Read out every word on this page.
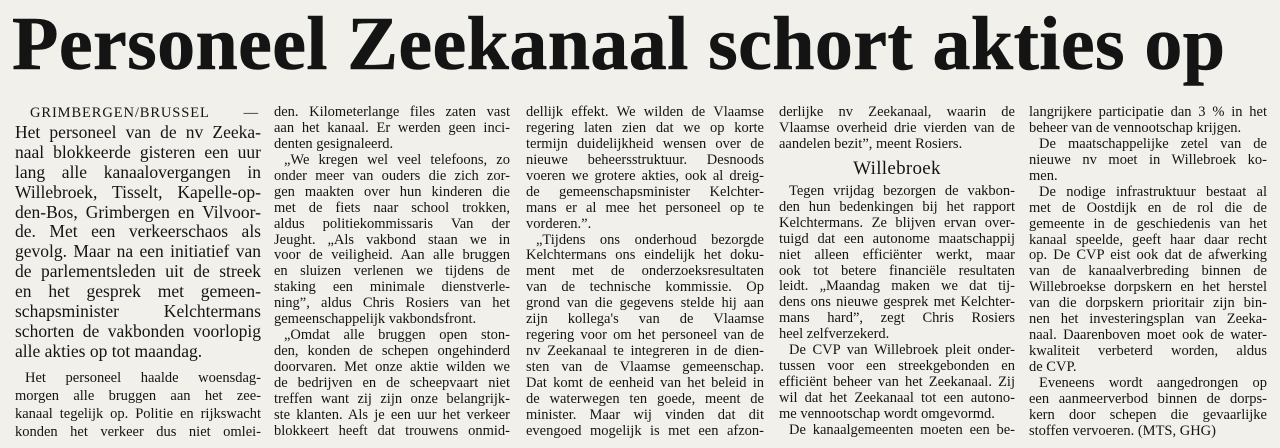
Personeel Zeekanaal schort akties op
GRIMBERGEN/BRUSSEL —
Het personeel van de nv Zeeka-
naal blokkeerde gisteren een uur
lang alle kanaalovergangen in
Willebroek, Tisselt, Kapelle-op-
den-Bos, Grimbergen en Vilvoor-
de. Met een verkeerschaos als
gevolg. Maar na een initiatief van
de parlementsleden uit de streek
en het gesprek met gemeen-
schapsminister Kelchtermans
schorten de vakbonden voorlopig
alle akties op tot maandag.
Het personeel haalde woensdag-
morgen alle bruggen aan het zee-
kanaal tegelijk op. Politie en rijkswacht
konden het verkeer dus niet omlei-
den. Kilometerlange files zaten vast
aan het kanaal. Er werden geen inci-
denten gesignaleerd.
„We kregen wel veel telefoons, zo
onder meer van ouders die zich zor-
gen maakten over hun kinderen die
met de fiets naar school trokken,
aldus politiekommissaris Van der
Jeught. „Als vakbond staan we in
voor de veiligheid. Aan alle bruggen
en sluizen verlenen we tijdens de
staking een minimale dienstverle-
ning”, aldus Chris Rosiers van het
gemeenschappelijk vakbondsfront.
„Omdat alle bruggen open ston-
den, konden de schepen ongehinderd
doorvaren. Met onze aktie wilden we
de bedrijven en de scheepvaart niet
treffen want zij zijn onze belangrijk-
ste klanten. Als je een uur het verkeer
blokkeert heeft dat trouwens onmid-
dellijk effekt. We wilden de Vlaamse
regering laten zien dat we op korte
termijn duidelijkheid wensen over de
nieuwe beheersstruktuur. Desnoods
voeren we grotere akties, ook al dreig-
de gemeenschapsminister Kelchter-
mans er al mee het personeel op te
vorderen.”.
„Tijdens ons onderhoud bezorgde
Kelchtermans ons eindelijk het doku-
ment met de onderzoeksresultaten
van de technische kommissie. Op
grond van die gegevens stelde hij aan
zijn kollega's van de Vlaamse
regering voor om het personeel van de
nv Zeekanaal te integreren in de dien-
sten van de Vlaamse gemeenschap.
Dat komt de eenheid van het beleid in
de waterwegen ten goede, meent de
minister. Maar wij vinden dat dit
evengoed mogelijk is met een afzon-
derlijke nv Zeekanaal, waarin de
Vlaamse overheid drie vierden van de
aandelen bezit”, meent Rosiers.
Willebroek
Tegen vrijdag bezorgen de vakbon-
den hun bedenkingen bij het rapport
Kelchtermans. Ze blijven ervan over-
tuigd dat een autonome maatschappij
niet alleen efficiënter werkt, maar
ook tot betere financiële resultaten
leidt. „Maandag maken we dat tij-
dens ons nieuwe gesprek met Kelchter-
mans hard”, zegt Chris Rosiers
heel zelfverzekerd.
De CVP van Willebroek pleit onder-
tussen voor een streekgebonden en
efficiënt beheer van het Zeekanaal. Zij
wil dat het Zeekanaal tot een autono-
me vennootschap wordt omgevormd.
De kanaalgemeenten moeten een be-
langrijkere participatie dan 3 % in het
beheer van de vennootschap krijgen.
De maatschappelijke zetel van de
nieuwe nv moet in Willebroek ko-
men.
De nodige infrastruktuur bestaat al
met de Oostdijk en de rol die de
gemeente in de geschiedenis van het
kanaal speelde, geeft haar daar recht
op. De CVP eist ook dat de afwerking
van de kanaalverbreding binnen de
Willebroekse dorpskern en het herstel
van die dorpskern prioritair zijn bin-
nen het investeringsplan van Zeeka-
naal. Daarenboven moet ook de water-
kwaliteit verbeterd worden, aldus
de CVP.
Eveneens wordt aangedrongen op
een aanmeerverbod binnen de dorps-
kern door schepen die gevaarlijke
stoffen vervoeren. (MTS, GHG)
